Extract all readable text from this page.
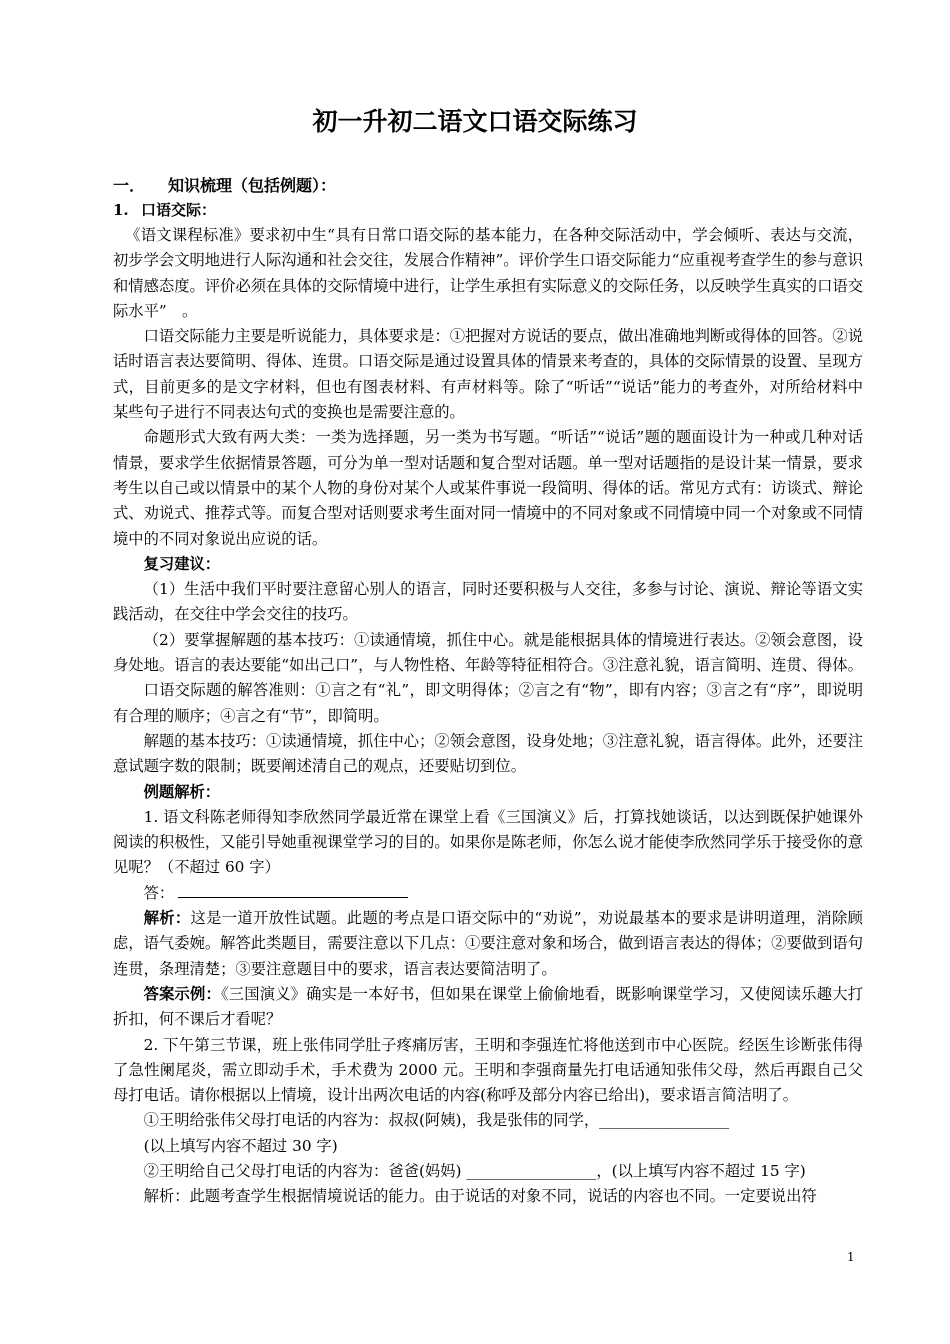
初一升初二语文口语交际练习
一． 知识梳理（包括例题）：
1. 口语交际：

《语文课程标准》要求初中生“具有日常口语交际的基本能力，在各种交际活动中，学会倾听、表达与交流，初步学会文明地进行人际沟通和社会交往，发展合作精神”。评价学生口语交际能力“应重视考查学生的参与意识和情感态度。评价必须在具体的交际情境中进行，让学生承担有实际意义的交际任务，以反映学生真实的口语交际水平”　。

口语交际能力主要是听说能力，具体要求是：①把握对方说话的要点，做出准确地判断或得体的回答。②说话时语言表达要简明、得体、连贯。口语交际是通过设置具体的情景来考查的，具体的交际情景的设置、呈现方式，目前更多的是文字材料，但也有图表材料、有声材料等。除了“听话”“说话”能力的考查外，对所给材料中某些句子进行不同表达句式的变换也是需要注意的。

命题形式大致有两大类：一类为选择题，另一类为书写题。“听话”“说话”题的题面设计为一种或几种对话情景，要求学生依据情景答题，可分为单一型对话题和复合型对话题。单一型对话题指的是设计某一情景，要求考生以自己或以情景中的某个人物的身份对某个人或某件事说一段简明、得体的话。常见方式有：访谈式、辩论式、劝说式、推荐式等。而复合型对话则要求考生面对同一情境中的不同对象或不同情境中同一个对象或不同情境中的不同对象说出应说的话。

复习建议：

（1）生活中我们平时要注意留心别人的语言，同时还要积极与人交往，多参与讨论、演说、辩论等语文实践活动，在交往中学会交往的技巧。

（2）要掌握解题的基本技巧：①读通情境，抓住中心。就是能根据具体的情境进行表达。②领会意图，设身处地。语言的表达要能“如出己口”，与人物性格、年龄等特征相符合。③注意礼貌，语言简明、连贯、得体。

口语交际题的解答准则：①言之有“礼”，即文明得体；②言之有“物”，即有内容；③言之有“序”，即说明有合理的顺序；④言之有“节”，即简明。

解题的基本技巧：①读通情境，抓住中心；②领会意图，设身处地；③注意礼貌，语言得体。此外，还要注意试题字数的限制；既要阐述清自己的观点，还要贴切到位。

例题解析：

1. 语文科陈老师得知李欣然同学最近常在课堂上看《三国演义》后，打算找她谈话，以达到既保护她课外阅读的积极性，又能引导她重视课堂学习的目的。如果你是陈老师，你怎么说才能使李欣然同学乐于接受你的意见呢？（不超过 60 字）

答：

解析：这是一道开放性试题。此题的考点是口语交际中的“劝说”，劝说最基本的要求是讲明道理，消除顾虑，语气委婉。解答此类题目，需要注意以下几点：①要注意对象和场合，做到语言表达的得体；②要做到语句连贯，条理清楚；③要注意题目中的要求，语言表达要简洁明了。

答案示例：《三国演义》确实是一本好书，但如果在课堂上偷偷地看，既影响课堂学习，又使阅读乐趣大打折扣，何不课后才看呢？

2. 下午第三节课，班上张伟同学肚子疼痛厉害，王明和李强连忙将他送到市中心医院。经医生诊断张伟得了急性阑尾炎，需立即动手术，手术费为 2000 元。王明和李强商量先打电话通知张伟父母，然后再跟自己父母打电话。请你根据以上情境，设计出两次电话的内容(称呼及部分内容已给出)，要求语言简洁明了。

①王明给张伟父母打电话的内容为：叔叔(阿姨)，我是张伟的同学，_________________

(以上填写内容不超过 30 字)

②王明给自己父母打电话的内容为：爸爸(妈妈) _________________，(以上填写内容不超过 15 字)

解析：此题考查学生根据情境说话的能力。由于说话的对象不同，说话的内容也不同。一定要说出符

1
